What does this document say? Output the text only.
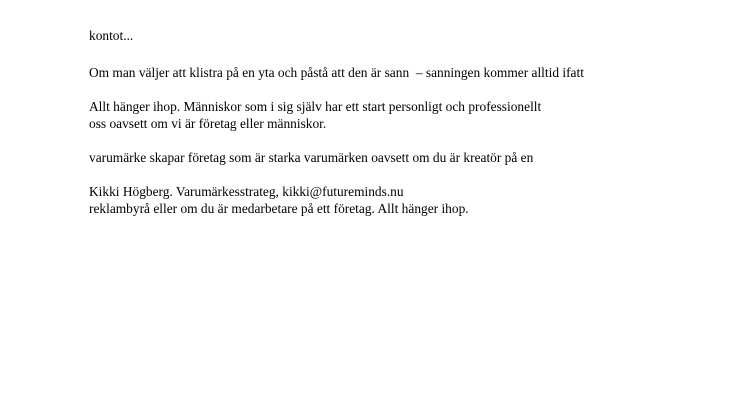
kontot...

Om man väljer att klistra på en yta och påstå att den är sann  – sanningen kommer alltid ifatt

oss oavsett om vi är företag eller människor.

Allt hänger ihop. Människor som i sig själv har ett start personligt och professionellt

varumärke skapar företag som är starka varumärken oavsett om du är kreatör på en

reklambyrå eller om du är medarbetare på ett företag. Allt hänger ihop.

Kikki Högberg. Varumärkesstrateg, kikki@futureminds.nu
